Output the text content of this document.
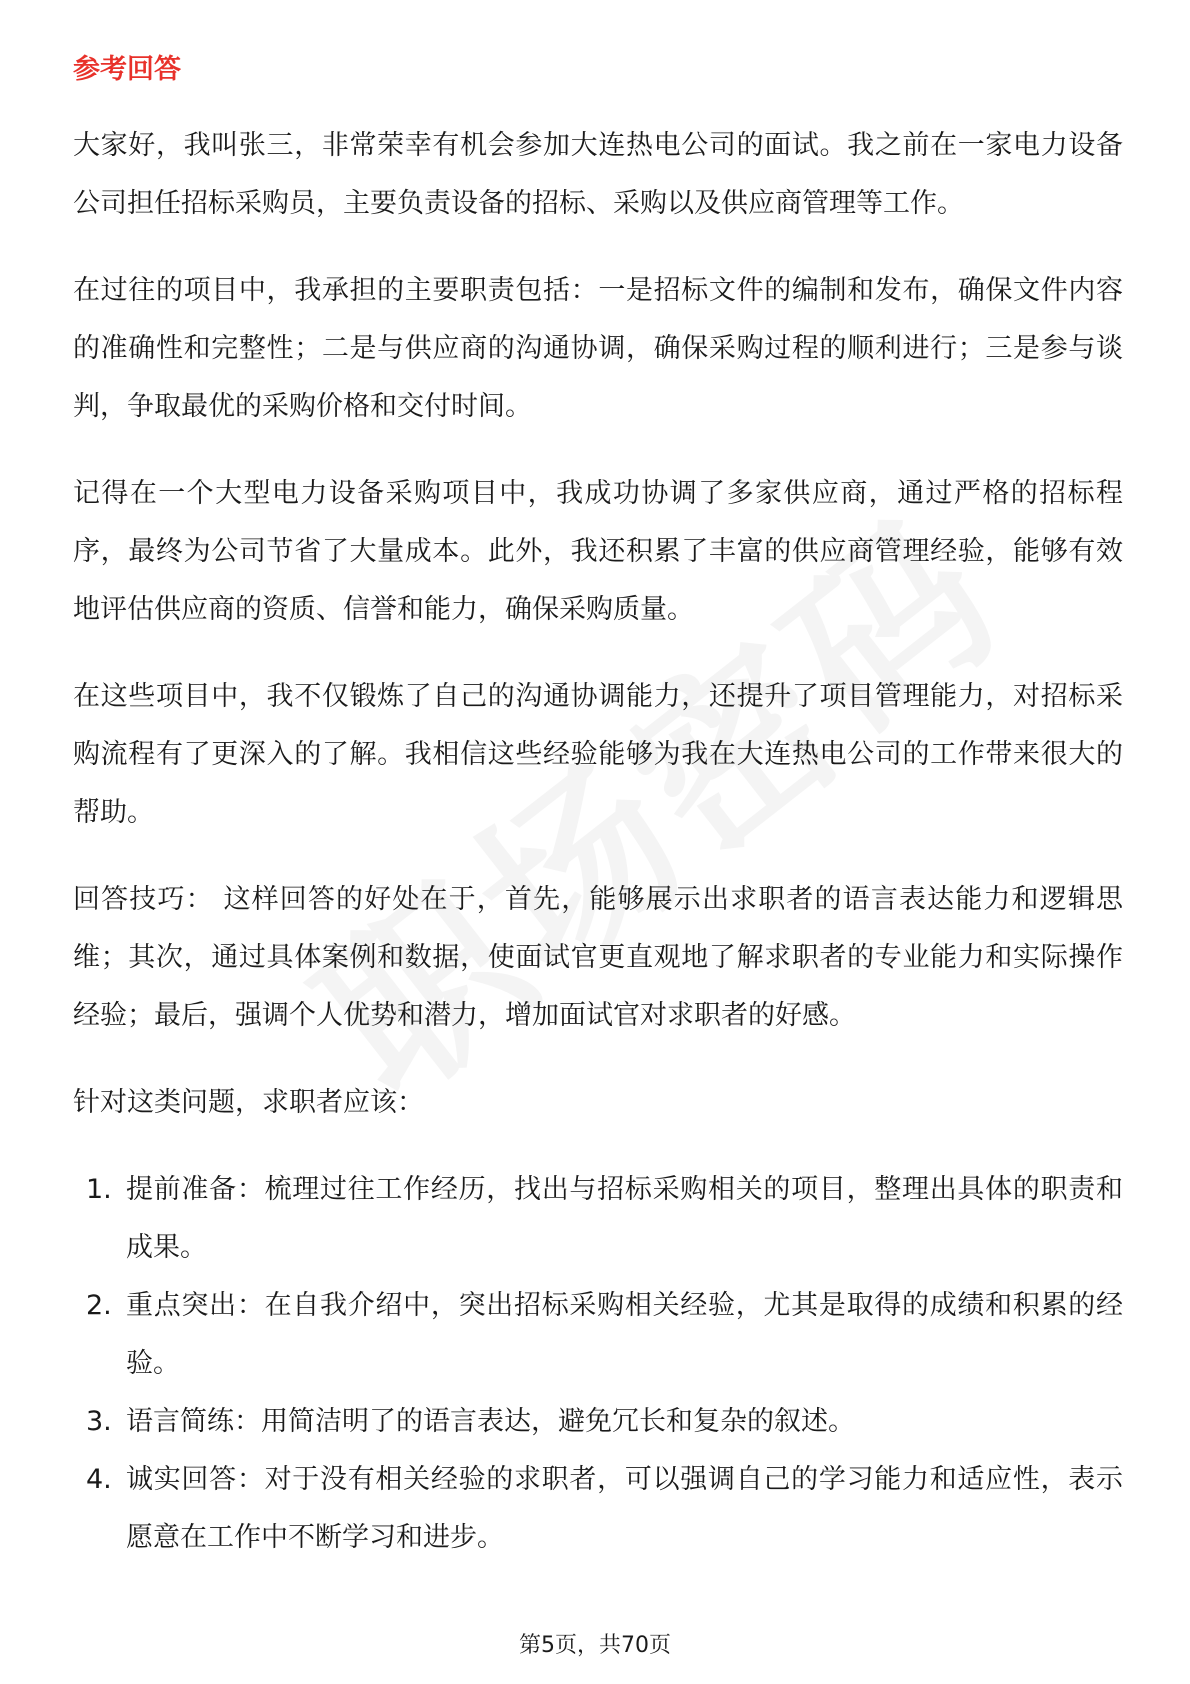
参考回答

大家好，我叫张三，非常荣幸有机会参加大连热电公司的面试。我之前在一家电力设备公司担任招标采购员，主要负责设备的招标、采购以及供应商管理等工作。

在过往的项目中，我承担的主要职责包括：一是招标文件的编制和发布，确保文件内容的准确性和完整性；二是与供应商的沟通协调，确保采购过程的顺利进行；三是参与谈判，争取最优的采购价格和交付时间。

记得在一个大型电力设备采购项目中，我成功协调了多家供应商，通过严格的招标程序，最终为公司节省了大量成本。此外，我还积累了丰富的供应商管理经验，能够有效地评估供应商的资质、信誉和能力，确保采购质量。

在这些项目中，我不仅锻炼了自己的沟通协调能力，还提升了项目管理能力，对招标采购流程有了更深入的了解。我相信这些经验能够为我在大连热电公司的工作带来很大的帮助。

回答技巧： 这样回答的好处在于，首先，能够展示出求职者的语言表达能力和逻辑思维；其次，通过具体案例和数据，使面试官更直观地了解求职者的专业能力和实际操作经验；最后，强调个人优势和潜力，增加面试官对求职者的好感。

针对这类问题，求职者应该：

1. 提前准备：梳理过往工作经历，找出与招标采购相关的项目，整理出具体的职责和成果。
2. 重点突出：在自我介绍中，突出招标采购相关经验，尤其是取得的成绩和积累的经验。
3. 语言简练：用简洁明了的语言表达，避免冗长和复杂的叙述。
4. 诚实回答：对于没有相关经验的求职者，可以强调自己的学习能力和适应性，表示愿意在工作中不断学习和进步。
第5页，共70页
